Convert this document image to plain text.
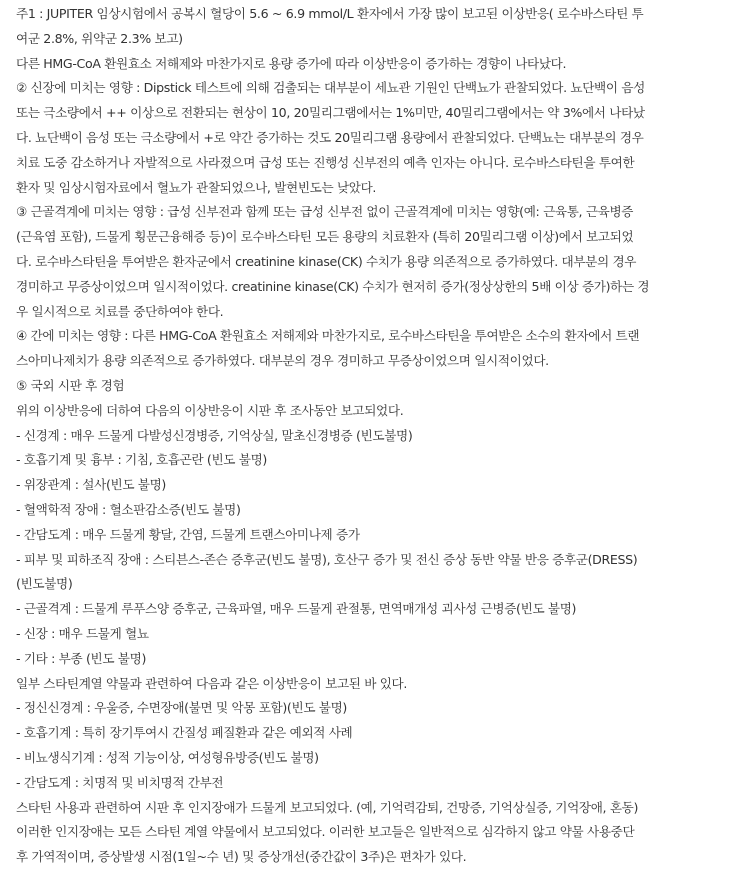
주1 : JUPITER 임상시험에서 공복시 혈당이 5.6 ~ 6.9 mmol/L 환자에서 가장 많이 보고된 이상반응( 로수바스타틴 투
여군 2.8%, 위약군 2.3% 보고)
다른 HMG-CoA 환원효소 저해제와 마찬가지로 용량 증가에 따라 이상반응이 증가하는 경향이 나타났다.
② 신장에 미치는 영향 : Dipstick 테스트에 의해 검출되는 대부분이 세뇨관 기원인 단백뇨가 관찰되었다. 뇨단백이 음성
또는 극소량에서 ++ 이상으로 전환되는 현상이 10, 20밀리그램에서는 1%미만, 40밀리그램에서는 약 3%에서 나타났
다. 뇨단백이 음성 또는 극소량에서 +로 약간 증가하는 것도 20밀리그램 용량에서 관찰되었다. 단백뇨는 대부분의 경우
치료 도중 감소하거나 자발적으로 사라졌으며 급성 또는 진행성 신부전의 예측 인자는 아니다. 로수바스타틴을 투여한
환자 및 임상시험자료에서 혈뇨가 관찰되었으나, 발현빈도는 낮았다.
③ 근골격계에 미치는 영향 : 급성 신부전과 함께 또는 급성 신부전 없이 근골격계에 미치는 영향(예: 근육통, 근육병증
(근육염 포함), 드물게 횡문근융해증 등)이 로수바스타틴 모든 용량의 치료환자 (특히 20밀리그램 이상)에서 보고되었
다. 로수바스타틴을 투여받은 환자군에서 creatinine kinase(CK) 수치가 용량 의존적으로 증가하였다. 대부분의 경우
경미하고 무증상이었으며 일시적이었다. creatinine kinase(CK) 수치가 현저히 증가(정상상한의 5배 이상 증가)하는 경
우 일시적으로 치료를 중단하여야 한다.
④ 간에 미치는 영향 : 다른 HMG-CoA 환원효소 저해제와 마찬가지로, 로수바스타틴을 투여받은 소수의 환자에서 트랜
스아미나제치가 용량 의존적으로 증가하였다. 대부분의 경우 경미하고 무증상이었으며 일시적이었다.
⑤ 국외 시판 후 경험
위의 이상반응에 더하여 다음의 이상반응이 시판 후 조사동안 보고되었다.
- 신경계 : 매우 드물게 다발성신경병증, 기억상실, 말초신경병증 (빈도불명)
- 호흡기계 및 흉부 : 기침, 호흡곤란 (빈도 불명)
- 위장관계 : 설사(빈도 불명)
- 혈액학적 장애 : 혈소판감소증(빈도 불명)
- 간담도계 : 매우 드물게 황달, 간염, 드물게 트랜스아미나제 증가
- 피부 및 피하조직 장애 : 스티븐스-존슨 증후군(빈도 불명), 호산구 증가 및 전신 증상 동반 약물 반응 증후군(DRESS)
(빈도불명)
- 근골격계 : 드물게 루푸스양 증후군, 근육파열, 매우 드물게 관절통, 면역매개성 괴사성 근병증(빈도 불명)
- 신장 : 매우 드물게 혈뇨
- 기타 : 부종 (빈도 불명)
일부 스타틴계열 약물과 관련하여 다음과 같은 이상반응이 보고된 바 있다.
- 정신신경계 : 우울증, 수면장애(불면 및 악몽 포함)(빈도 불명)
- 호흡기계 : 특히 장기투여시 간질성 폐질환과 같은 예외적 사례
- 비뇨생식기계 : 성적 기능이상, 여성형유방증(빈도 불명)
- 간담도계 : 치명적 및 비치명적 간부전
스타틴 사용과 관련하여 시판 후 인지장애가 드물게 보고되었다. (예, 기억력감퇴, 건망증, 기억상실증, 기억장애, 혼동)
이러한 인지장애는 모든 스타틴 계열 약물에서 보고되었다. 이러한 보고들은 일반적으로 심각하지 않고 약물 사용중단
후 가역적이며, 증상발생 시점(1일~수 년) 및 증상개선(중간값이 3주)은 편차가 있다.
